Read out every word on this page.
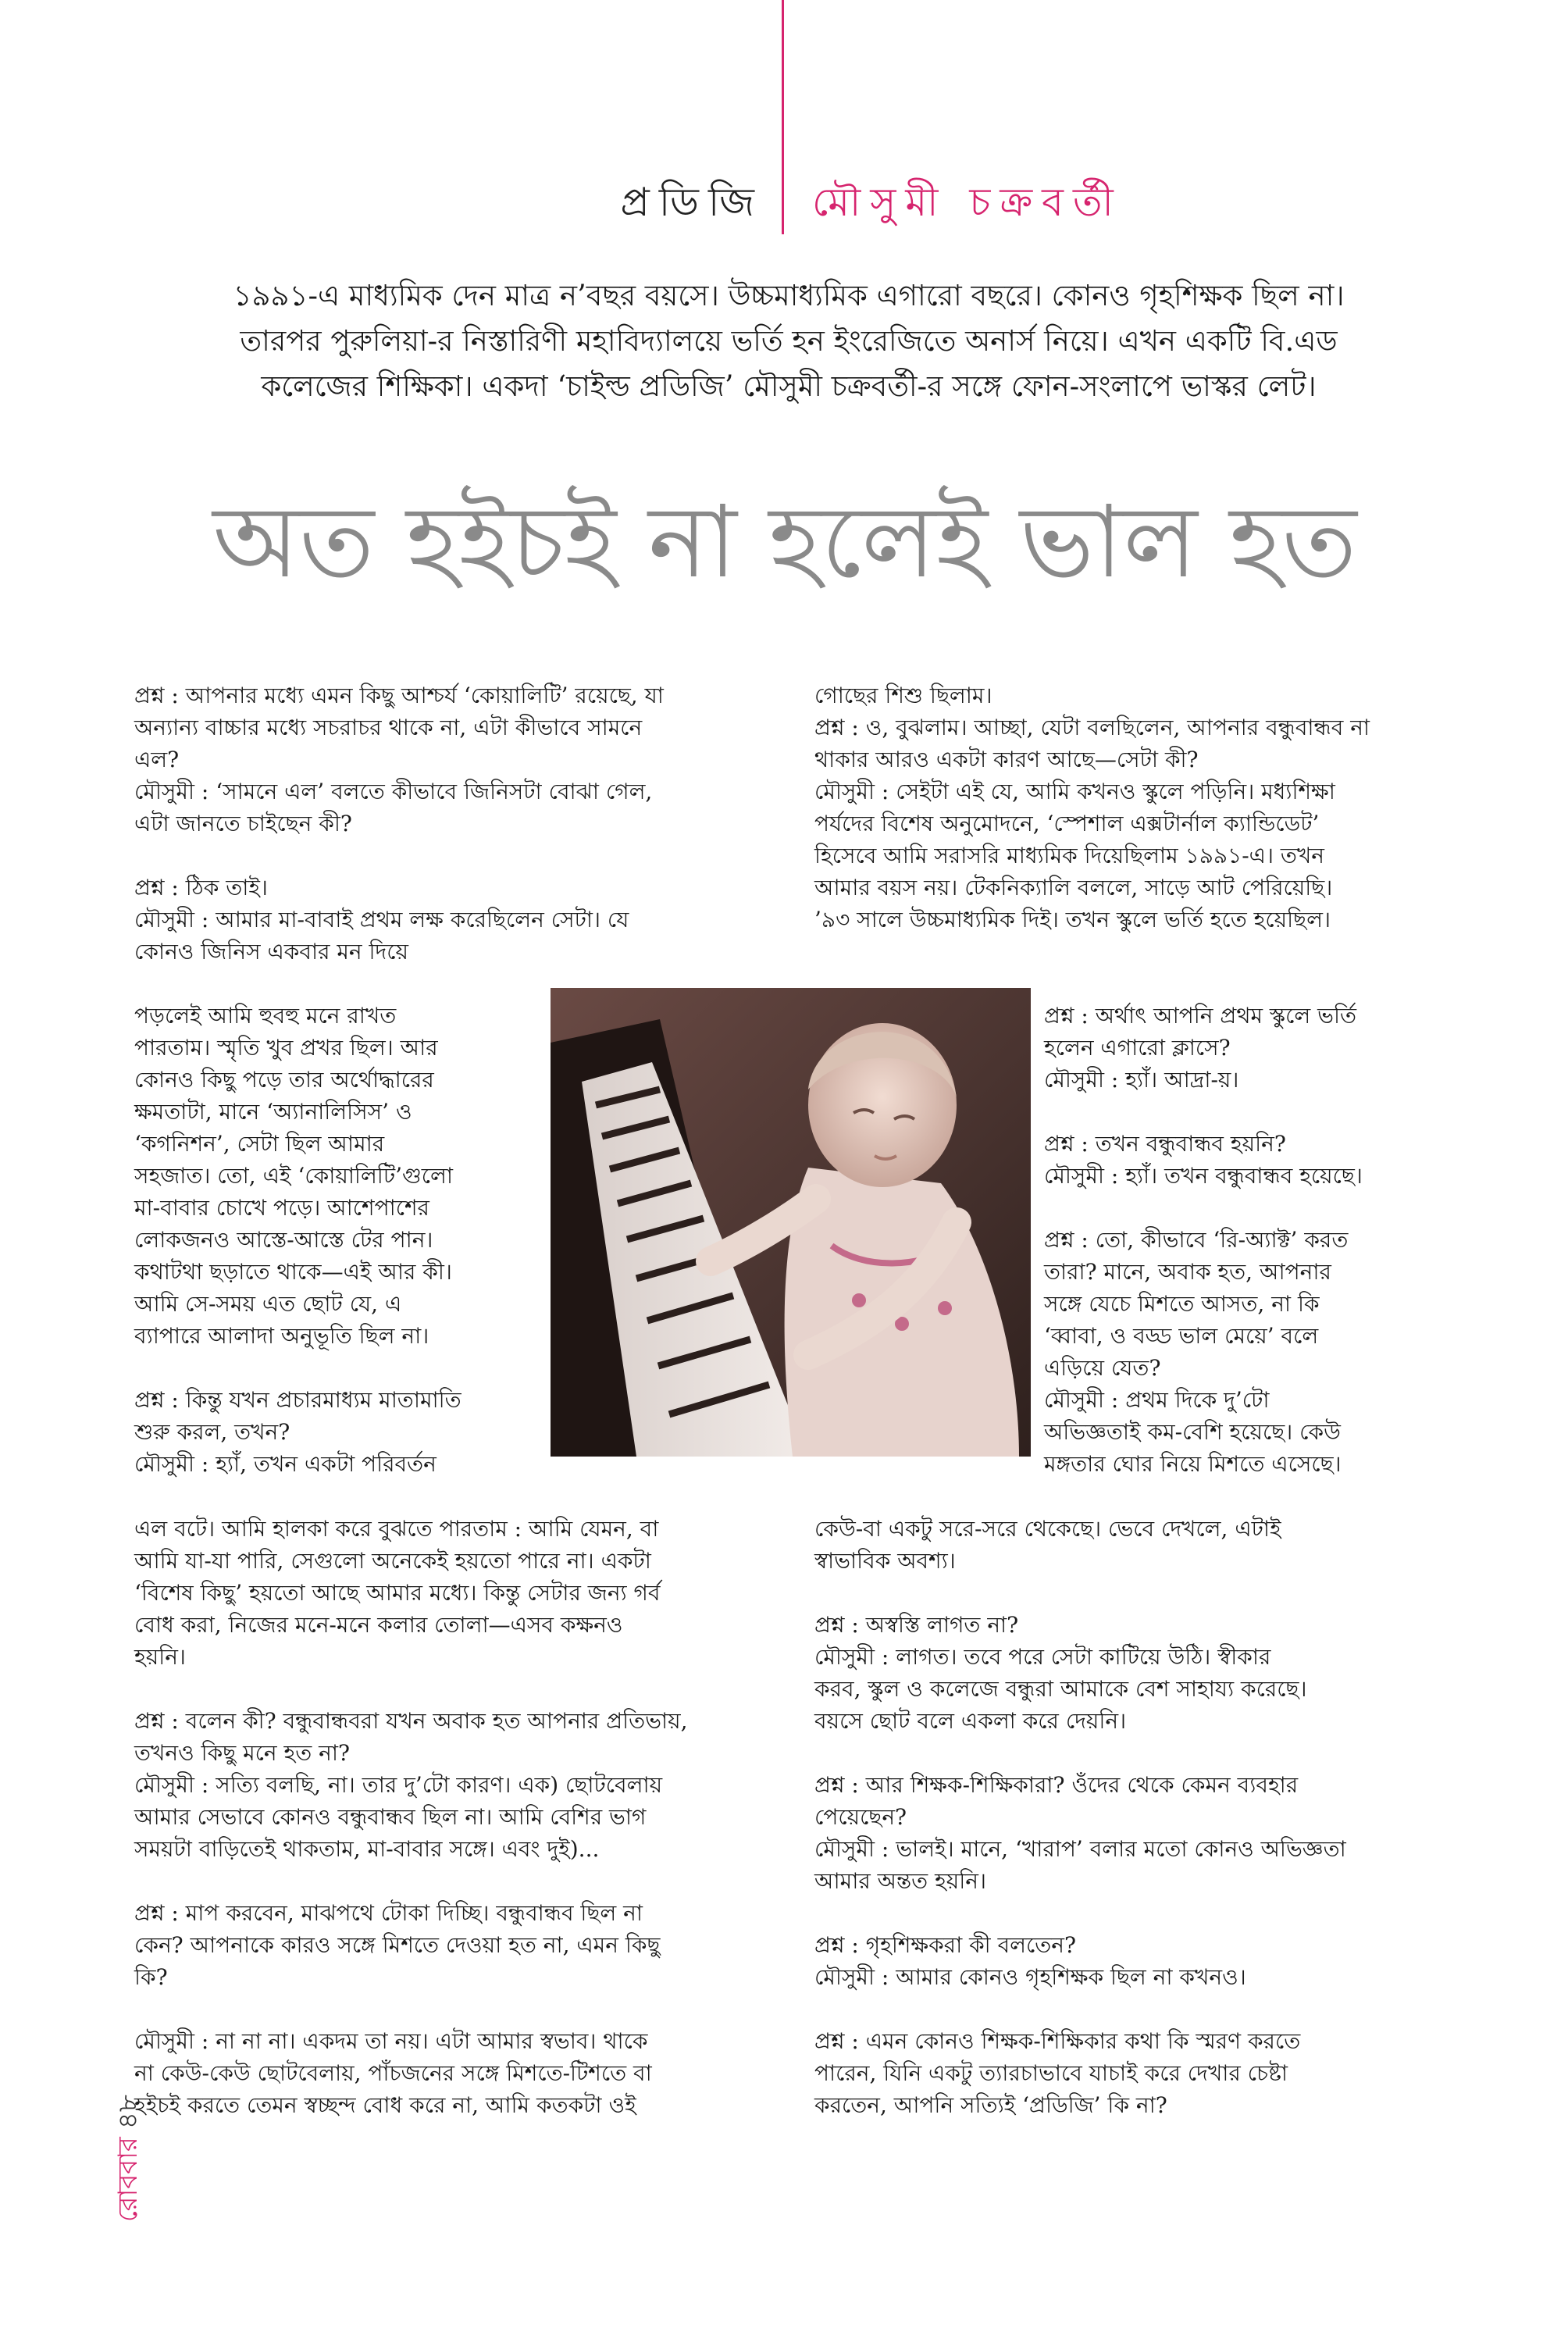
প্রডিজি মৌসুমী চক্রবর্তী
১৯৯১-এ মাধ্যমিক দেন মাত্র ন’বছর বয়সে। উচ্চমাধ্যমিক এগারো বছরে। কোনও গৃহশিক্ষক ছিল না।
তারপর পুরুলিয়া-র নিস্তারিণী মহাবিদ্যালয়ে ভর্তি হন ইংরেজিতে অনার্স নিয়ে। এখন একটি বি.এড
কলেজের শিক্ষিকা। একদা ‘চাইল্ড প্রডিজি’ মৌসুমী চক্রবর্তী-র সঙ্গে ফোন-সংলাপে ভাস্কর লেট।
অত হইচই না হলেই ভাল হত
প্রশ্ন : আপনার মধ্যে এমন কিছু আশ্চর্য ‘কোয়ালিটি’ রয়েছে, যা
অন্যান্য বাচ্চার মধ্যে সচরাচর থাকে না, এটা কীভাবে সামনে
এল?
মৌসুমী : ‘সামনে এল’ বলতে কীভাবে জিনিসটা বোঝা গেল,
এটা জানতে চাইছেন কী?
প্রশ্ন : ঠিক তাই।
মৌসুমী : আমার মা-বাবাই প্রথম লক্ষ করেছিলেন সেটা। যে
কোনও জিনিস একবার মন দিয়ে
পড়লেই আমি হুবহু মনে রাখত
পারতাম। স্মৃতি খুব প্রখর ছিল। আর
কোনও কিছু পড়ে তার অর্থোদ্ধারের
ক্ষমতাটা, মানে ‘অ্যানালিসিস’ ও
‘কগনিশন’, সেটা ছিল আমার
সহজাত। তো, এই ‘কোয়ালিটি’গুলো
মা-বাবার চোখে পড়ে। আশেপাশের
লোকজনও আস্তে-আস্তে টের পান।
কথাটথা ছড়াতে থাকে—এই আর কী।
আমি সে-সময় এত ছোট যে, এ
ব্যাপারে আলাদা অনুভূতি ছিল না।
প্রশ্ন : কিন্তু যখন প্রচারমাধ্যম মাতামাতি
শুরু করল, তখন?
মৌসুমী : হ্যাঁ, তখন একটা পরিবর্তন
এল বটে। আমি হালকা করে বুঝতে পারতাম : আমি যেমন, বা
আমি যা-যা পারি, সেগুলো অনেকেই হয়তো পারে না। একটা
‘বিশেষ কিছু’ হয়তো আছে আমার মধ্যে। কিন্তু সেটার জন্য গর্ব
বোধ করা, নিজের মনে-মনে কলার তোলা—এসব কক্ষনও
হয়নি।
প্রশ্ন : বলেন কী? বন্ধুবান্ধবরা যখন অবাক হত আপনার প্রতিভায়,
তখনও কিছু মনে হত না?
মৌসুমী : সত্যি বলছি, না। তার দু’টো কারণ। এক) ছোটবেলায়
আমার সেভাবে কোনও বন্ধুবান্ধব ছিল না। আমি বেশির ভাগ
সময়টা বাড়িতেই থাকতাম, মা-বাবার সঙ্গে। এবং দুই)...
প্রশ্ন : মাপ করবেন, মাঝপথে টোকা দিচ্ছি। বন্ধুবান্ধব ছিল না
কেন? আপনাকে কারও সঙ্গে মিশতে দেওয়া হত না, এমন কিছু
কি?
মৌসুমী : না না না। একদম তা নয়। এটা আমার স্বভাব। থাকে
না কেউ-কেউ ছোটবেলায়, পাঁচজনের সঙ্গে মিশতে-টিশতে বা
হইচই করতে তেমন স্বচ্ছন্দ বোধ করে না, আমি কতকটা ওই
গোছের শিশু ছিলাম।
প্রশ্ন : ও, বুঝলাম। আচ্ছা, যেটা বলছিলেন, আপনার বন্ধুবান্ধব না
থাকার আরও একটা কারণ আছে—সেটা কী?
মৌসুমী : সেইটা এই যে, আমি কখনও স্কুলে পড়িনি। মধ্যশিক্ষা
পর্যদের বিশেষ অনুমোদনে, ‘স্পেশাল এক্সটার্নাল ক্যান্ডিডেট’
হিসেবে আমি সরাসরি মাধ্যমিক দিয়েছিলাম ১৯৯১-এ। তখন
আমার বয়স নয়। টেকনিক্যালি বললে, সাড়ে আট পেরিয়েছি।
’৯৩ সালে উচ্চমাধ্যমিক দিই। তখন স্কুলে ভর্তি হতে হয়েছিল।
প্রশ্ন : অর্থাৎ আপনি প্রথম স্কুলে ভর্তি
হলেন এগারো ক্লাসে?
মৌসুমী : হ্যাঁ। আদ্রা-য়।
প্রশ্ন : তখন বন্ধুবান্ধব হয়নি?
মৌসুমী : হ্যাঁ। তখন বন্ধুবান্ধব হয়েছে।
প্রশ্ন : তো, কীভাবে ‘রি-অ্যাক্ট’ করত
তারা? মানে, অবাক হত, আপনার
সঙ্গে যেচে মিশতে আসত, না কি
‘ব্বাবা, ও বড্ড ভাল মেয়ে’ বলে
এড়িয়ে যেত?
মৌসুমী : প্রথম দিকে দু’টো
অভিজ্ঞতাই কম-বেশি হয়েছে। কেউ
মঙ্গতার ঘোর নিয়ে মিশতে এসেছে।
কেউ-বা একটু সরে-সরে থেকেছে। ভেবে দেখলে, এটাই
স্বাভাবিক অবশ্য।
প্রশ্ন : অস্বস্তি লাগত না?
মৌসুমী : লাগত। তবে পরে সেটা কাটিয়ে উঠি। স্বীকার
করব, স্কুল ও কলেজে বন্ধুরা আমাকে বেশ সাহায্য করেছে।
বয়সে ছোট বলে একলা করে দেয়নি।
প্রশ্ন : আর শিক্ষক-শিক্ষিকারা? ওঁদের থেকে কেমন ব্যবহার
পেয়েছেন?
মৌসুমী : ভালই। মানে, ‘খারাপ’ বলার মতো কোনও অভিজ্ঞতা
আমার অন্তত হয়নি।
প্রশ্ন : গৃহশিক্ষকরা কী বলতেন?
মৌসুমী : আমার কোনও গৃহশিক্ষক ছিল না কখনও।
প্রশ্ন : এমন কোনও শিক্ষক-শিক্ষিকার কথা কি স্মরণ করতে
পারেন, যিনি একটু ত্যারচাভাবে যাচাই করে দেখার চেষ্টা
করতেন, আপনি সত্যিই ‘প্রডিজি’ কি না?
রোববার৪৮
